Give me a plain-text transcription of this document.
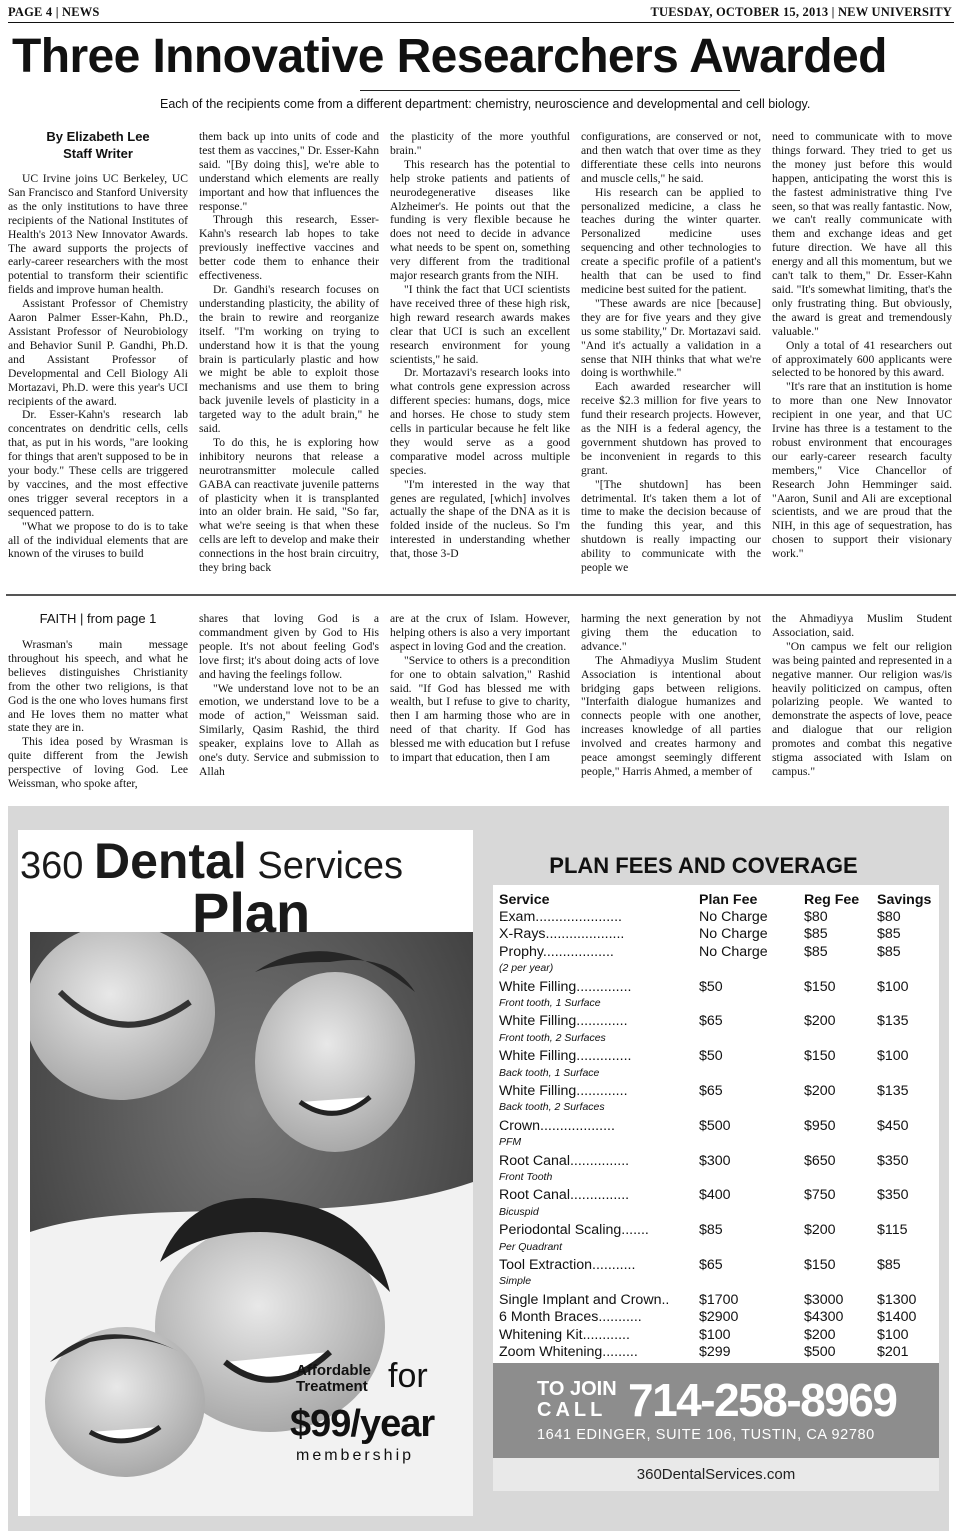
PAGE 4 | NEWS	TUESDAY, OCTOBER 15, 2013 | NEW UNIVERSITY
Three Innovative Researchers Awarded
Each of the recipients come from a different department: chemistry, neuroscience and developmental and cell biology.
By Elizabeth Lee
Staff Writer

UC Irvine joins UC Berkeley, UC San Francisco and Stanford University as the only institutions to have three recipients of the National Institutes of Health's 2013 New Innovator Awards. The award supports the projects of early-career researchers with the most potential to transform their scientific fields and improve human health.

Assistant Professor of Chemistry Aaron Palmer Esser-Kahn, Ph.D., Assistant Professor of Neurobiology and Behavior Sunil P. Gandhi, Ph.D. and Assistant Professor of Developmental and Cell Biology Ali Mortazavi, Ph.D. were this year's UCI recipients of the award.

Dr. Esser-Kahn's research lab concentrates on dendritic cells, cells that, as put in his words, "are looking for things that aren't supposed to be in your body." These cells are triggered by vaccines, and the most effective ones trigger several receptors in a sequenced pattern.

"What we propose to do is to take all of the individual elements that are known of the viruses to build

them back up into units of code and test them as vaccines," Dr. Esser-Kahn said. "[By doing this], we're able to understand which elements are really important and how that influences the response."

Through this research, Esser-Kahn's research lab hopes to take previously ineffective vaccines and better code them to enhance their effectiveness.

Dr. Gandhi's research focuses on understanding plasticity, the ability of the brain to rewire and reorganize itself. "I'm working on trying to understand how it is that the young brain is particularly plastic and how we might be able to exploit those mechanisms and use them to bring back juvenile levels of plasticity in a targeted way to the adult brain," he said.

To do this, he is exploring how inhibitory neurons that release a neurotransmitter molecule called GABA can reactivate juvenile patterns of plasticity when it is transplanted into an older brain. He said, "So far, what we're seeing is that when these cells are left to develop and make their connections in the host brain circuitry, they bring back

the plasticity of the more youthful brain."

This research has the potential to help stroke patients and patients of neurodegenerative diseases like Alzheimer's. He points out that the funding is very flexible because he does not need to decide in advance what needs to be spent on, something very different from the traditional major research grants from the NIH.

"I think the fact that UCI scientists have received three of these high risk, high reward research awards makes clear that UCI is such an excellent research environment for young scientists," he said.

Dr. Mortazavi's research looks into what controls gene expression across different species: humans, dogs, mice and horses. He chose to study stem cells in particular because he felt like they would serve as a good comparative model across multiple species.

"I'm interested in the way that genes are regulated, [which] involves actually the shape of the DNA as it is folded inside of the nucleus. So I'm interested in understanding whether that, those 3-D

configurations, are conserved or not, and then watch that over time as they differentiate these cells into neurons and muscle cells," he said.

His research can be applied to personalized medicine, a class he teaches during the winter quarter. Personalized medicine uses sequencing and other technologies to create a specific profile of a patient's health that can be used to find medicine best suited for the patient.

"These awards are nice [because] they are for five years and they give us some stability," Dr. Mortazavi said. "And it's actually a validation in a sense that NIH thinks that what we're doing is worthwhile."

Each awarded researcher will receive $2.3 million for five years to fund their research projects. However, as the NIH is a federal agency, the government shutdown has proved to be inconvenient in regards to this grant.

"[The shutdown] has been detrimental. It's taken them a lot of time to make the decision because of the funding this year, and this shutdown is really impacting our ability to communicate with the people we

need to communicate with to move things forward. They tried to get us the money just before this would happen, anticipating the worst this is the fastest administrative thing I've seen, so that was really fantastic. Now, we can't really communicate with them and exchange ideas and get future direction. We have all this energy and all this momentum, but we can't talk to them," Dr. Esser-Kahn said. "It's somewhat limiting, that's the only frustrating thing. But obviously, the award is great and tremendously valuable."

Only a total of 41 researchers out of approximately 600 applicants were selected to be honored by this award.

"It's rare that an institution is home to more than one New Innovator recipient in one year, and that UC Irvine has three is a testament to the robust environment that encourages our early-career research faculty members," Vice Chancellor of Research John Hemminger said. "Aaron, Sunil and Ali are exceptional scientists, and we are proud that the NIH, in this age of sequestration, has chosen to support their visionary work."

FAITH | from page 1

Wrasman's main message throughout his speech, and what he believes distinguishes Christianity from the other two religions, is that God is the one who loves humans first and He loves them no matter what state they are in.

This idea posed by Wrasman is quite different from the Jewish perspective of loving God. Lee Weissman, who spoke after,

shares that loving God is a commandment given by God to His people. It's not about feeling God's love first; it's about doing acts of love and having the feelings follow.

"We understand love not to be an emotion, we understand love to be a mode of action," Weissman said. Similarly, Qasim Rashid, the third speaker, explains love to Allah as one's duty. Service and submission to Allah

are at the crux of Islam. However, helping others is also a very important aspect in loving God and the creation.

"Service to others is a precondition for one to obtain salvation," Rashid said. "If God has blessed me with wealth, but I refuse to give to charity, then I am harming those who are in need of that charity. If God has blessed me with education but I refuse to impart that education, then I am

harming the next generation by not giving them the education to advance."

The Ahmadiyya Muslim Student Association is intentional about bridging gaps between religions. "Interfaith dialogue humanizes and connects people with one another, increases knowledge of all parties involved and creates harmony and peace amongst seemingly different people," Harris Ahmed, a member of

the Ahmadiyya Muslim Student Association, said.

"On campus we felt our religion was being painted and represented in a negative manner. Our religion was/is heavily politicized on campus, often polarizing people. We wanted to demonstrate the aspects of love, peace and dialogue that our religion promotes and combat this negative stigma associated with Islam on campus."

360 Dental Services
Plan
Affordable
Treatment for
$99/year
membership
PLAN FEES AND COVERAGE
Service	Plan Fee	Reg Fee Savings
Exam......................	No Charge	$80	$80
X-Rays....................	No Charge	$85	$85
Prophy..................	No Charge	$85	$85
(2 per year)
White Filling..............	$50	$150	$100
Front tooth, 1 Surface
White Filling.............	$65	$200	$135
Front tooth, 2 Surfaces
White Filling..............	$50	$150	$100
Back tooth, 1 Surface
White Filling.............	$65	$200	$135
Back tooth, 2 Surfaces
Crown...................	$500	$950	$450
PFM
Root Canal...............	$300	$650	$350
Front Tooth
Root Canal...............	$400	$750	$350
Bicuspid
Periodontal Scaling.......	$85	$200	$115
Per Quadrant
Tool Extraction...........	$65	$150	$85
Simple
Single Implant and Crown.. $1700	$3000 $1300
6 Month Braces...........	$2900	$4300 $1400
Whitening Kit............	$100	$200	$100
Zoom Whitening.........	$299	$500	$201
TO JOIN
CALL 714-258-8969
1641 EDINGER, SUITE 106, TUSTIN, CA 92780
360DentalServices.com
